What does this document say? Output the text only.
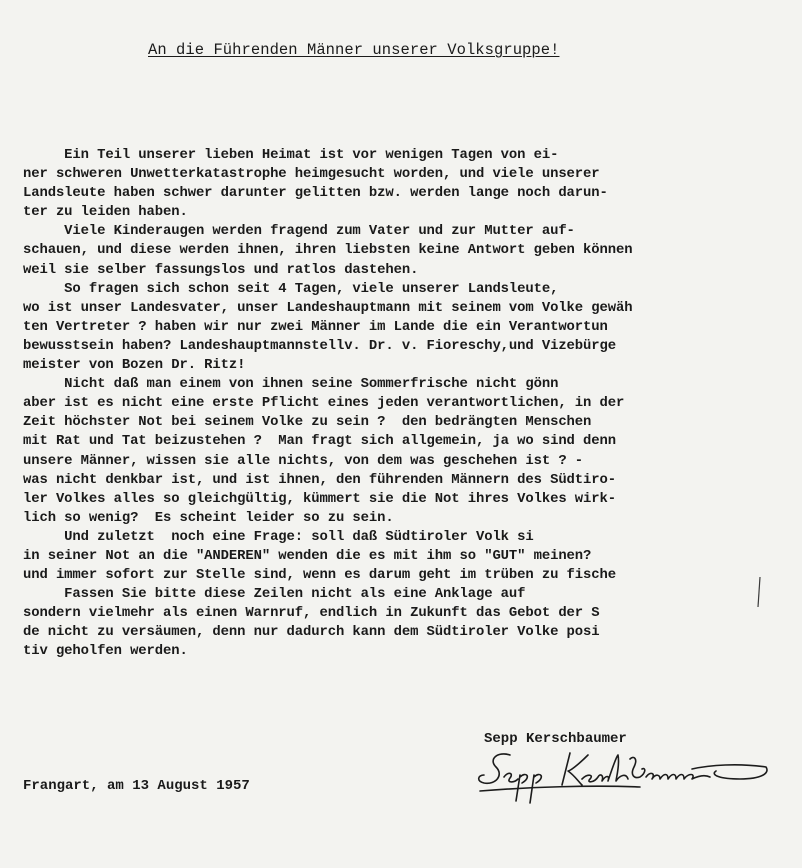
An die Führenden Männer unserer Volksgruppe!
Ein Teil unserer lieben Heimat ist vor wenigen Tagen von ei-
ner schweren Unwetterkatastrophe heimgesucht worden, und viele unserer
Landsleute haben schwer darunter gelitten bzw. werden lange noch darun-
ter zu leiden haben.
Viele Kinderaugen werden fragend zum Vater und zur Mutter auf-
schauen, und diese werden ihnen, ihren liebsten keine Antwort geben können
weil sie selber fassungslos und ratlos dastehen.
So fragen sich schon seit 4 Tagen, viele unserer Landsleute,
wo ist unser Landesvater, unser Landeshauptmann mit seinem vom Volke gewäh
ten Vertreter ? haben wir nur zwei Männer im Lande die ein Verantwortun
bewusstsein haben? Landeshauptmannstellv. Dr. v. Fioreschy,und Vizebürge
meister von Bozen Dr. Ritz!
Nicht daß man einem von ihnen seine Sommerfrische nicht gönn
aber ist es nicht eine erste Pflicht eines jeden verantwortlichen, in der
Zeit höchster Not bei seinem Volke zu sein ?  den bedrängten Menschen
mit Rat und Tat beizustehen ?  Man fragt sich allgemein, ja wo sind denn
unsere Männer, wissen sie alle nichts, von dem was geschehen ist ? -
was nicht denkbar ist, und ist ihnen, den führenden Männern des Südtiro-
ler Volkes alles so gleichgültig, kümmert sie die Not ihres Volkes wirk-
lich so wenig?  Es scheint leider so zu sein.
Und zuletzt  noch eine Frage: soll daß Südtiroler Volk si
in seiner Not an die "ANDEREN" wenden die es mit ihm so "GUT" meinen?
und immer sofort zur Stelle sind, wenn es darum geht im trüben zu fische
Fassen Sie bitte diese Zeilen nicht als eine Anklage auf
sondern vielmehr als einen Warnruf, endlich in Zukunft das Gebot der S
de nicht zu versäumen, denn nur dadurch kann dem Südtiroler Volke posi
tiv geholfen werden.
Sepp Kerschbaumer
Frangart, am 13 August 1957
